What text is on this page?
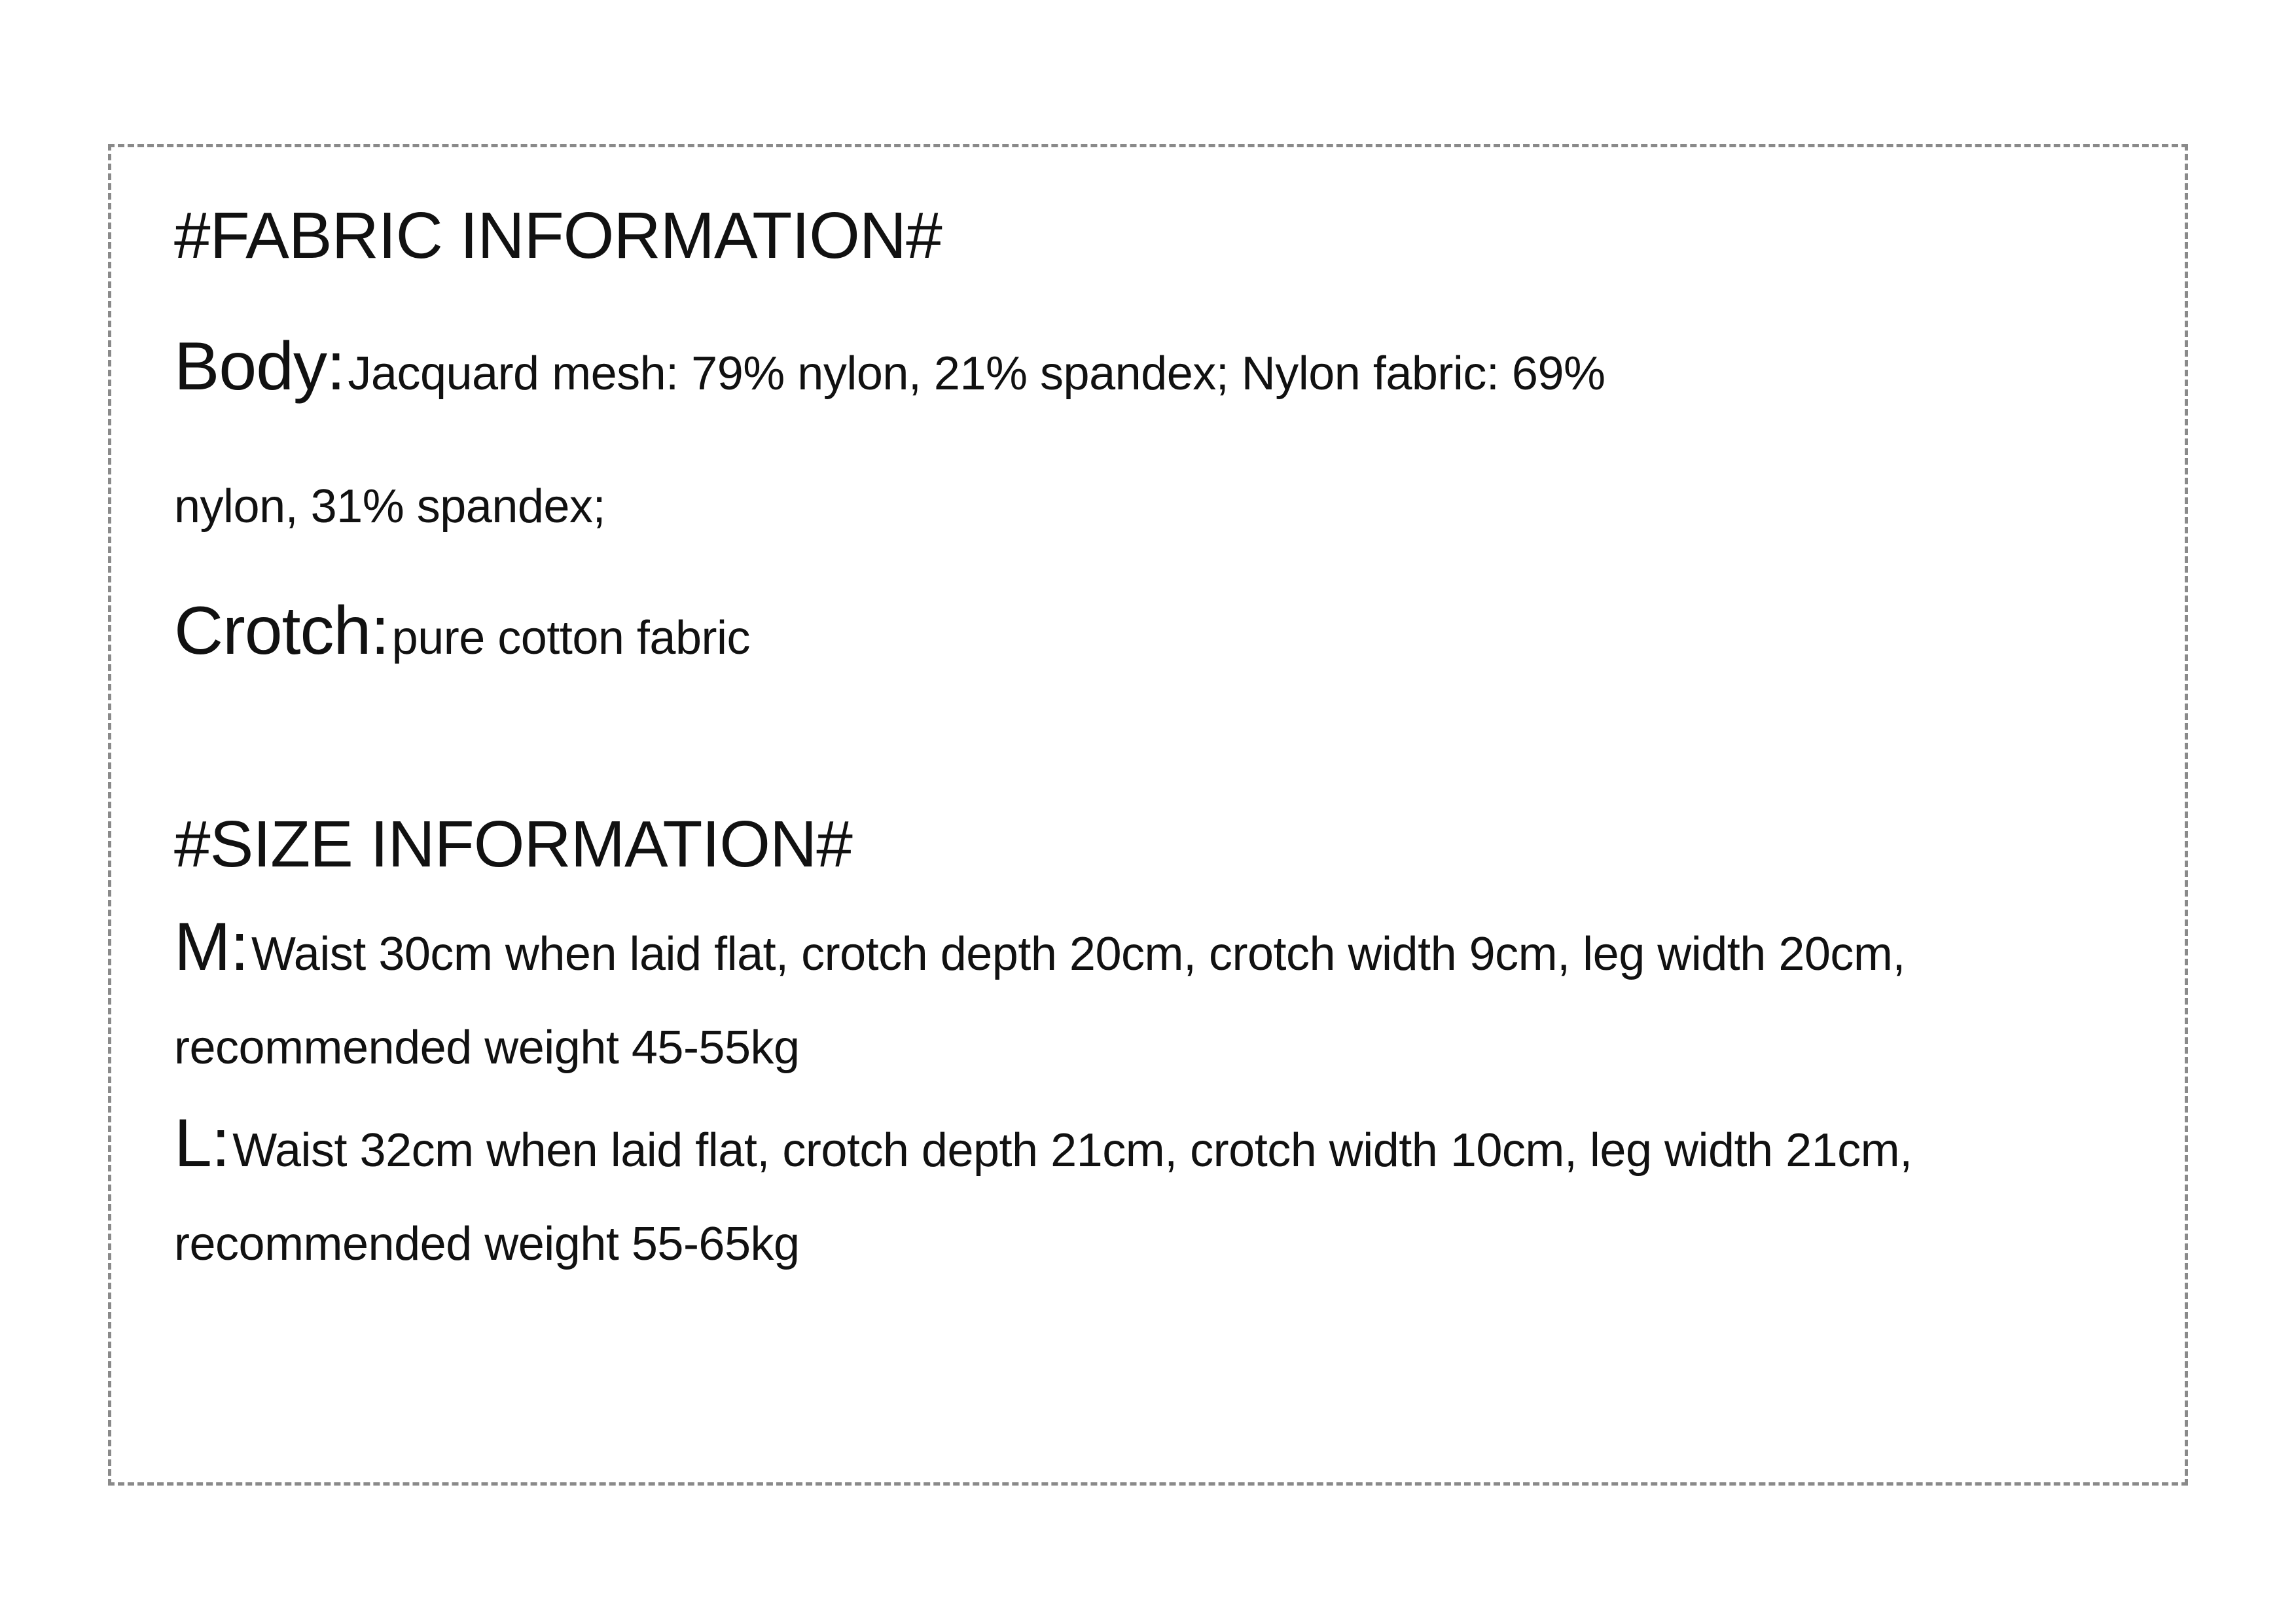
#FABRIC INFORMATION#
Body: Jacquard mesh: 79% nylon, 21% spandex; Nylon fabric: 69%
nylon, 31% spandex;
Crotch: pure cotton fabric
#SIZE INFORMATION#
M: Waist 30cm when laid flat, crotch depth 20cm, crotch width 9cm, leg width 20cm,
recommended weight 45-55kg
L: Waist 32cm when laid flat, crotch depth 21cm, crotch width 10cm, leg width 21cm,
recommended weight 55-65kg
